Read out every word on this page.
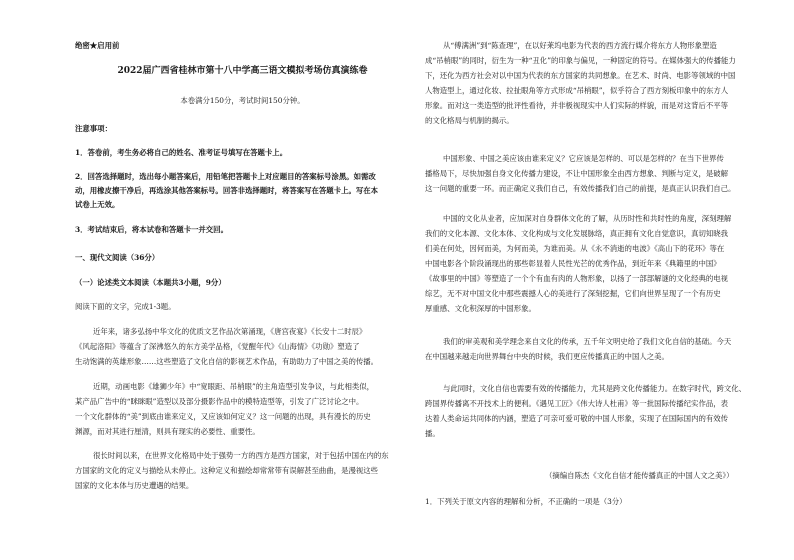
绝密★启用前
2022届广西省桂林市第十八中学高三语文模拟考场仿真演练卷
本卷满分150分，考试时间150分钟。
注意事项：
1．答卷前，考生务必将自己的姓名、准考证号填写在答题卡上。
2．回答选择题时，选出每小题答案后，用铅笔把答题卡上对应题目的答案标号涂黑。如需改
动，用橡皮擦干净后，再选涂其他答案标号。回答非选择题时，将答案写在答题卡上。写在本
试卷上无效。
3．考试结束后，将本试卷和答题卡一并交回。
一、现代文阅读（36分）
（一）论述类文本阅读（本题共3小题，9分）
阅读下面的文字，完成1-3题。
近年来，诸多弘扬中华文化的优质文艺作品次第涌现，《唐宫夜宴》《长安十二时辰》
《风起洛阳》等蕴含了深沸悠久的东方美学品格，《觉醒年代》《山海情》《功勋》塑造了
生动饱满的英雄形象……这些塑造了文化自信的影视艺术作品，有助助力了中国之美的传播。
近期，动画电影《雄狮少年》中“宽眼距、吊梢眼”的主角造型引发争议，与此相类似，
某产品广告中的“眯眯眼”造型以及部分摄影作品中的模特造型等，引发了广泛讨论之中。
一个文化群体的“美”到底由谁来定义，又应该如何定义？这一问题的出现，具有漫长的历史
渊源，而对其进行厘清，则具有现实的必要性、重要性。
很长时间以来，在世界文化格局中处于强势一方的西方是西方国家，对于包括中国在内的东
方国家的文化的定义与描绘从未停止。这种定义和描绘却常常带有误解甚至曲曲，是漫视这些
国家的文化本体与历史遭遇的结果。
从“傅满洲”到“陈查理”，在以好莱坞电影为代表的西方流行媒介将东方人物形象塑造
成“吊梢眼”的同时，衍生为一种“丑化”的印象与偏见，一种固定的符号。在媒体强大的传播能力
下，还化为西方社会对以中国为代表的东方国家的共同想象。在艺术、时尚、电影等领域的中国
人物造型上，通过化妆、拉扯眼角等方式形成“吊梢眼”，似乎符合了西方刻板印象中的东方人
形象。而对这一类造型的批评性看待，并非极视现实中人们实际的样貌，而是对这背后不平等
的文化格局与机制的揭示。
中国形象、中国之美应该由谁来定义？它应该是怎样的、可以是怎样的？在当下世界传
播格局下，尽快加强自身文化传播力建设，不让中国形象全由西方想象、判断与定义，是破解
这一问题的重要一环。而正确定义我们自己，有效传播我们自己的前提，是真正认识我们自己。
中国的文化从业者，应加深对自身群体文化的了解，从历时性和共时性的角度，深刻理解
我们的文化本源、文化本体、文化构成与文化发展脉络，真正拥有文化自觉意识，真切知晓我
们美在何处，因何而美，为何而美，为谁而美。从《永不消逝的电波》《高山下的花环》等在
中国电影各个阶段涌现出的那些彰显着人民性光芒的优秀作品，到近年来《典籍里的中国》
《故事里的中国》等塑造了一个个有血有肉的人物形象，以扬了一部部解谜的文化经典的电视
综艺，无不对中国文化中那些震撼人心的美进行了深刻挖掘，它们向世界呈现了一个有历史
厚重感、文化积深厚的中国形象。
我们的审美观和美学理念来自文化的传承，五千年文明史给了我们文化自信的基础。今天
在中国越来越走向世界舞台中央的时候，我们更应传播真正的中国人之美。
与此同时，文化自信也需要有效的传播能力，尤其是跨文化传播能力。在数字时代，跨文化、
跨国界传播离不开技术上的便利。《遇见工匠》《伟大诗人杜甫》等一批国际传播纪实作品，表
达着人类命运共同体的内涵，塑造了可亲可爱可敬的中国人形象，实现了在国际国内的有效传
播。
（摘编自陈杰《文化自信才能传播真正的中国人文之美》）
1．下列关于原文内容的理解和分析，不正确的一项是（3分）
